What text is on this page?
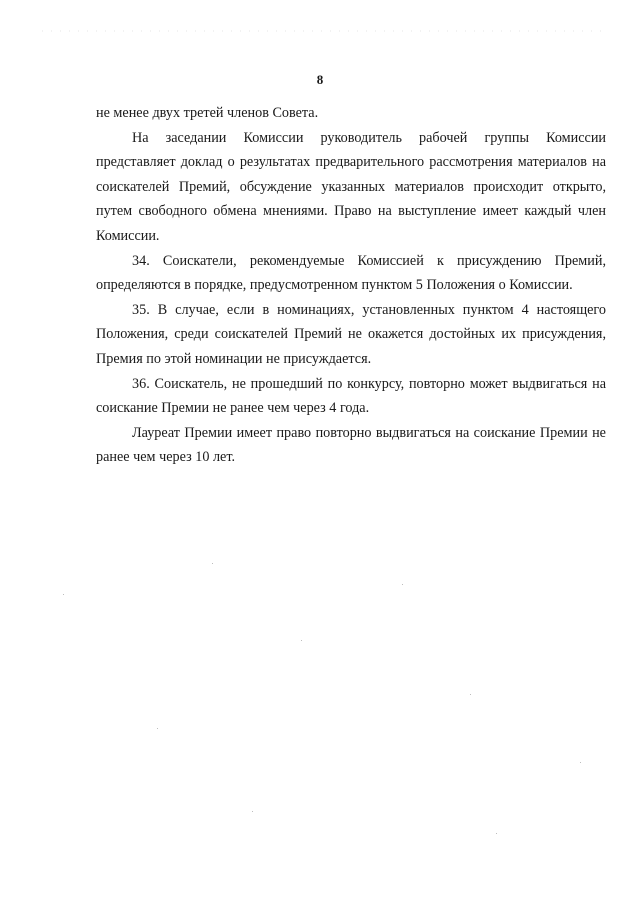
8

не менее двух третей членов Совета.

На заседании Комиссии руководитель рабочей группы Комиссии представляет доклад о результатах предварительного рассмотрения материалов на соискателей Премий, обсуждение указанных материалов происходит открыто, путем свободного обмена мнениями. Право на выступление имеет каждый член Комиссии.

34. Соискатели, рекомендуемые Комиссией к присуждению Премий, определяются в порядке, предусмотренном пунктом 5 Положения о Комиссии.

35. В случае, если в номинациях, установленных пунктом 4 настоящего Положения, среди соискателей Премий не окажется достойных их присуждения, Премия по этой номинации не присуждается.

36. Соискатель, не прошедший по конкурсу, повторно может выдвигаться на соискание Премии не ранее чем через 4 года.

Лауреат Премии имеет право повторно выдвигаться на соискание Премии не ранее чем через 10 лет.
